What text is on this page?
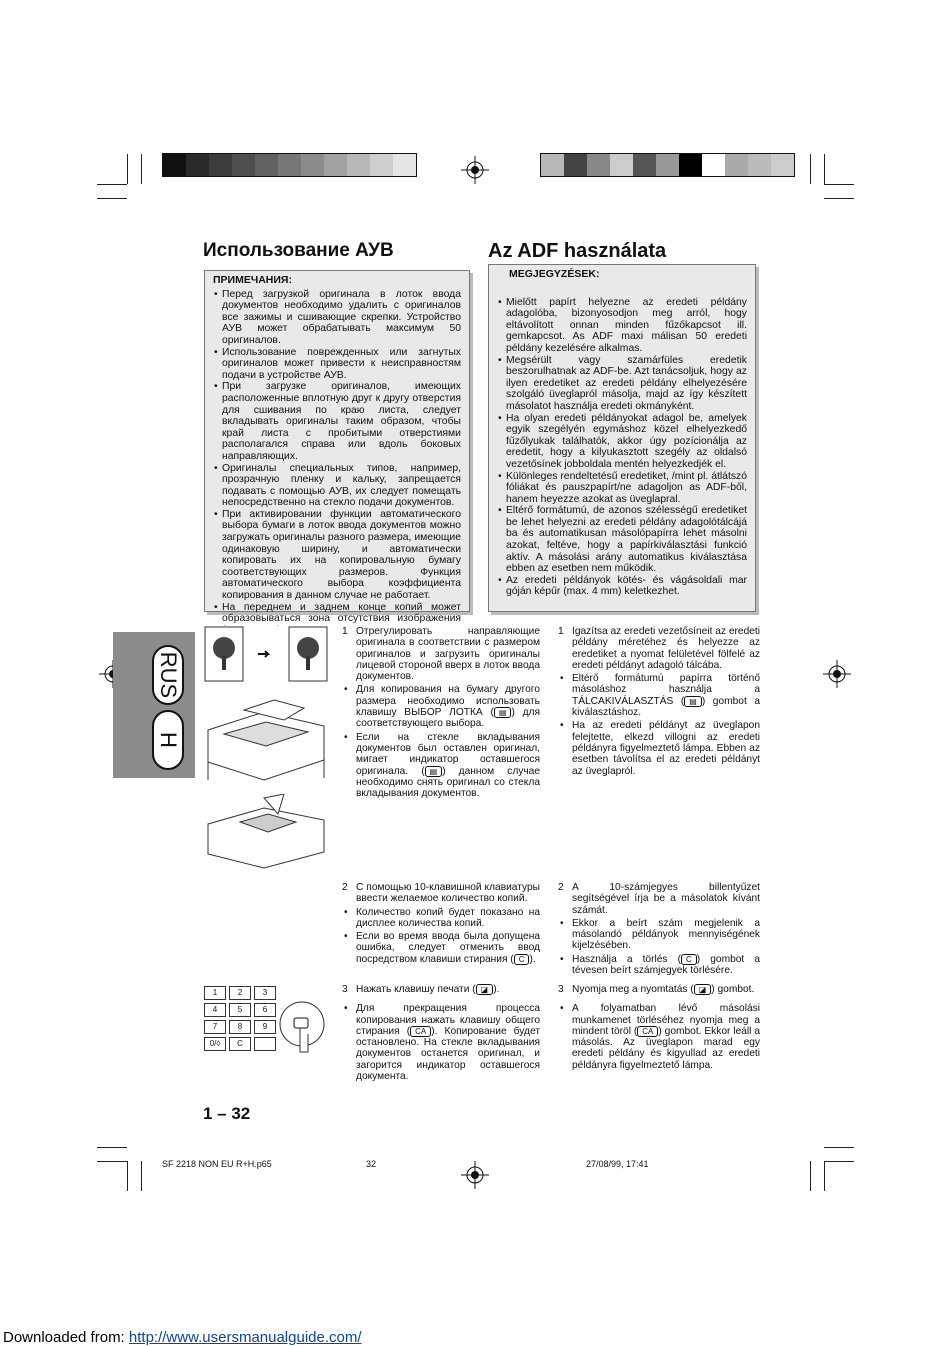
Использование АУВ	Az ADF használata
ПРИМЕЧАНИЯ:
• Перед загрузкой оригинала в лоток ввода документов необходимо удалить с оригиналов все зажимы и сшивающие скрепки. Устройство АУВ может обрабатывать максимум 50 оригиналов.
• Использование поврежденных или загнутых оригиналов может привести к неисправностям подачи в устройстве АУВ.
• При загрузке оригиналов, имеющих расположенные вплотную друг к другу отверстия для сшивания по краю листа, следует вкладывать оригиналы таким образом, чтобы край листа с пробитыми отверстиями располагался справа или вдоль боковых направляющих.
• Оригиналы специальных типов, например, прозрачную пленку и кальку, запрещается подавать с помощью АУВ, их следует помещать непосредственно на стекло подачи документов.
• При активировании функции автоматического выбора бумаги в лоток ввода документов можно загружать оригиналы разного размера, имеющие одинаковую ширину, и автоматически копировать их на копировальную бумагу соответствующих размеров. Функция автоматического выбора коэффициента копирования в данном случае не работает.
• На переднем и заднем конце копий может образовываться зона отсутствия изображения
MEGJEGYZÉSEK:
• Mielőtt papírt helyezne az eredeti példány adagolóba, bizonyosodjon meg arról, hogy eltávolított onnan minden fűzőkapcsot ill. gemkapcsot. As ADF maxi málisan 50 eredeti példány kezelésére alkalmas.
• Megsérült vagy szamárfüles eredetik beszorulhatnak az ADF-be. Azt tanácsoljuk, hogy az ilyen eredetiket az eredeti példány elhelyezésére szolgáló üveglapról másolja, majd az így készített másolatot használja eredeti okmányként.
• Ha olyan eredeti példányokat adagol be, amelyek egyik szegélyén egymáshoz közel elhelyezkedő fűzőlyukak találhatók, akkor úgy pozícionálja az eredetit, hogy a kilyukasztott szegély az oldalsó vezetősínek jobboldala mentén helyezkedjék el.
• Különleges rendeltetésű eredetiket, /mint pl. átlátszó fóliákat és pauszpapírt/ne adagoljon as ADF-ből, hanem heyezze azokat as üveglapral.
• Eltérő formátumú, de azonos szélességű eredetiket be lehet helyezni az eredeti példány adagolótálcájá ba és automatikusan másolópapírra lehet másolni azokat, feltéve, hogy a papírkiválasztási funkció aktív. A másolási arány automatikus kiválasztása ebben az esetben nem működik.
• Az eredeti példányok kötés- és vágásoldali mar góján képűr (max. 4 mm) keletkezhet.
RUS
H
1	2	3
4	5	6
7	8	9
0/◊	C
1 Отрегулировать направляющие оригинала в соответствии с размером оригиналов и загрузить оригиналы лицевой стороной вверх в лоток ввода документов.
• Для копирования на бумагу другого размера необходимо использовать клавишу ВЫБОР ЛОТКА ( ▤ ) для соответствующего выбора.
• Если на стекле вкладывания документов был оставлен оригинал, мигает индикатор оставшегося оригинала. ( ▤ ) данном случае необходимо снять оригинал со стекла вкладывания документов.
2 С помощью 10-клавишной клавиатуры ввести желаемое количество копий.
• Количество копий будет показано на дисплее количества копий.
• Если во время ввода была допущена ошибка, следует отменить ввод посредством клавиши стирания ( C ).
3 Нажать клавишу печати ( ◪ ).
• Для прекращения процесса копирования нажать клавишу общего стирания ( CA ). Копирование будет остановлено. На стекле вкладывания документов останется оригинал, и загорится индикатор оставшегося документа.
1 Igazítsa az eredeti vezetősíneit az eredeti példány méretéhez és helyezze az eredetiket a nyomat felületével fölfelé az eredeti példányt adagoló tálcába.
• Eltérő formátumú papírra történő másoláshoz használja a TÁLCAKIVÁLASZTÁS ( ▤ ) gombot a kiválasztáshoz.
• Ha az eredeti példányt az üveglapon felejtette, elkezd villogni az eredeti példányra figyelmeztető lámpa. Ebben az esetben távolítsa el az eredeti példányt az üveglapról.
2 A 10-számjegyes billentyűzet segítségével írja be a másolatok kívánt számát.
• Ekkor a beírt szám megjelenik a másolandó példányok mennyiségének kijelzésében.
• Használja a törlés ( C ) gombot a tévesen beírt számjegyek törlésére.
3 Nyomja meg a nyomtatás ( ◪ ) gombot.
• A folyamatban lévő másolási munkamenet törléséhez nyomja meg a mindent töröl ( CA ) gombot. Ekkor leáll a másolás. Az üveglapon marad egy eredeti példány és kigyullad az eredeti példányra figyelmeztető lámpa.
1 – 32
SF 2218 NON EU R+H.p65	32	27/08/99, 17:41
Downloaded from: http://www.usersmanualguide.com/
